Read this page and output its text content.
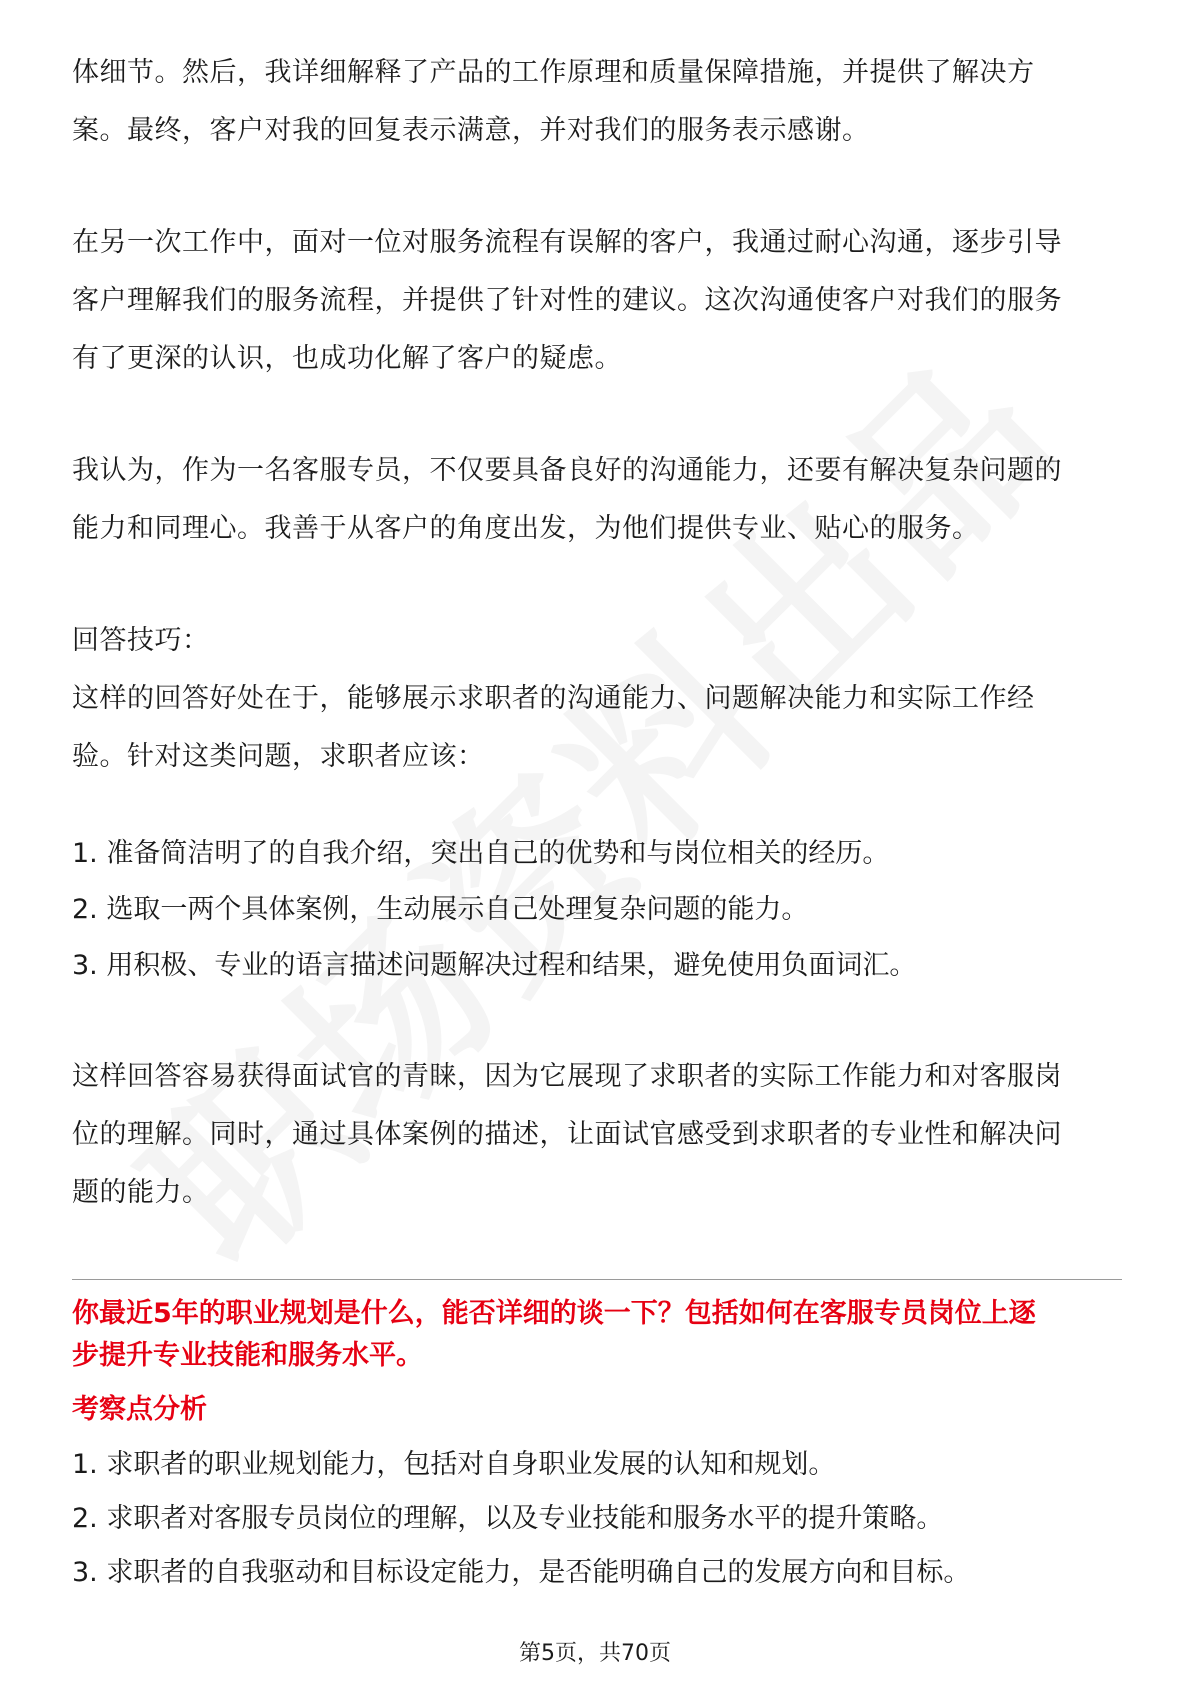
体细节。然后，我详细解释了产品的工作原理和质量保障措施，并提供了解决方

案。最终，客户对我的回复表示满意，并对我们的服务表示感谢。

在另一次工作中，面对一位对服务流程有误解的客户，我通过耐心沟通，逐步引导

客户理解我们的服务流程，并提供了针对性的建议。这次沟通使客户对我们的服务

有了更深的认识，也成功化解了客户的疑虑。

我认为，作为一名客服专员，不仅要具备良好的沟通能力，还要有解决复杂问题的

能力和同理心。我善于从客户的角度出发，为他们提供专业、贴心的服务。

回答技巧：

这样的回答好处在于，能够展示求职者的沟通能力、问题解决能力和实际工作经

验。针对这类问题，求职者应该：

1. 准备简洁明了的自我介绍，突出自己的优势和与岗位相关的经历。

2. 选取一两个具体案例，生动展示自己处理复杂问题的能力。

3. 用积极、专业的语言描述问题解决过程和结果，避免使用负面词汇。

这样回答容易获得面试官的青睐，因为它展现了求职者的实际工作能力和对客服岗

位的理解。同时，通过具体案例的描述，让面试官感受到求职者的专业性和解决问

题的能力。

你最近5年的职业规划是什么，能否详细的谈一下？包括如何在客服专员岗位上逐
步提升专业技能和服务水平。

考察点分析

1. 求职者的职业规划能力，包括对自身职业发展的认知和规划。

2. 求职者对客服专员岗位的理解，以及专业技能和服务水平的提升策略。

3. 求职者的自我驱动和目标设定能力，是否能明确自己的发展方向和目标。

第5页，共70页
